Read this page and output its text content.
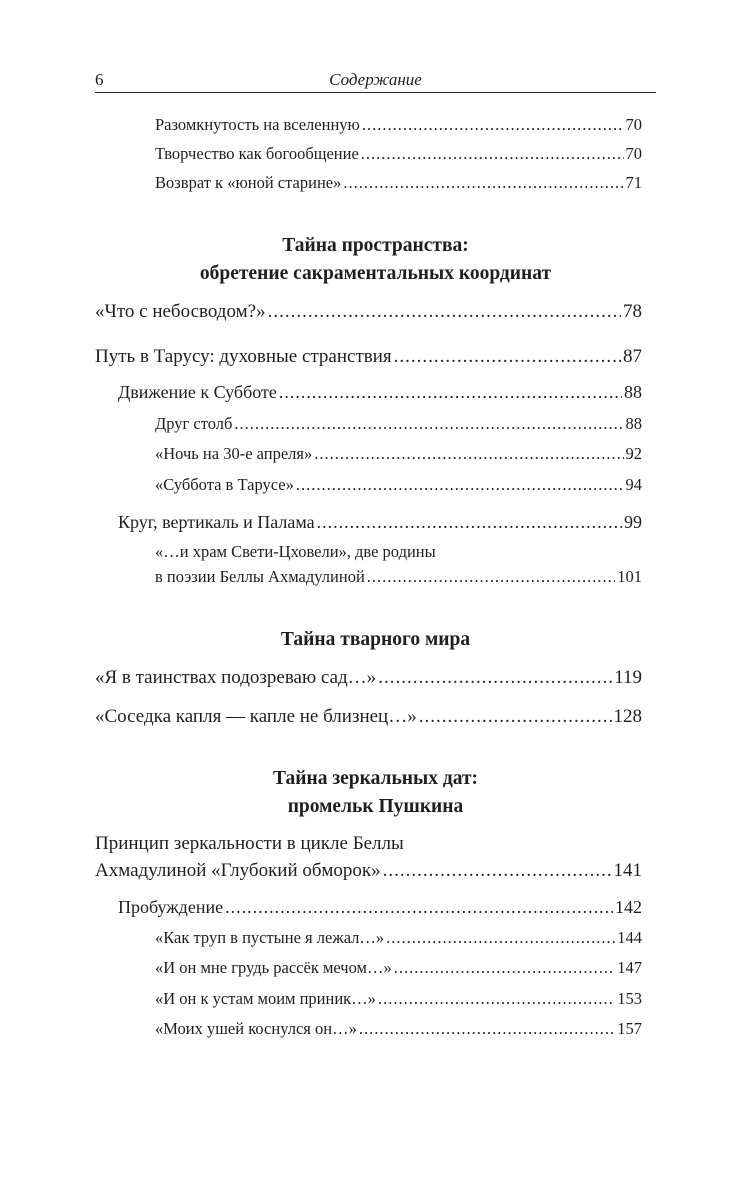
6	Содержание
Разомкнутость на вселенную .....	70
Творчество как богообщение .....	70
Возврат к «юной старине» .....	71
Тайна пространства:
обретение сакраментальных координат
«Что с небосводом?» .....	78
Путь в Тарусу: духовные странствия .....	87
Движение к Субботе .....	88
Друг столб .....	88
«Ночь на 30-е апреля» .....	92
«Суббота в Тарусе» .....	94
Круг, вертикаль и Палама .....	99
«…и храм Свети-Цховели», две родины
в поэзии Беллы Ахмадулиной .....	101
Тайна тварного мира
«Я в таинствах подозреваю сад…» .....	119
«Соседка капля — капле не близнец…» .....	128
Тайна зеркальных дат:
промельк Пушкина
Принцип зеркальности в цикле Беллы
Ахмадулиной «Глубокий обморок» .....	141
Пробуждение .....	142
«Как труп в пустыне я лежал…» .....	144
«И он мне грудь рассёк мечом…» .....	147
«И он к устам моим приник…» .....	153
«Моих ушей коснулся он…» .....	157
